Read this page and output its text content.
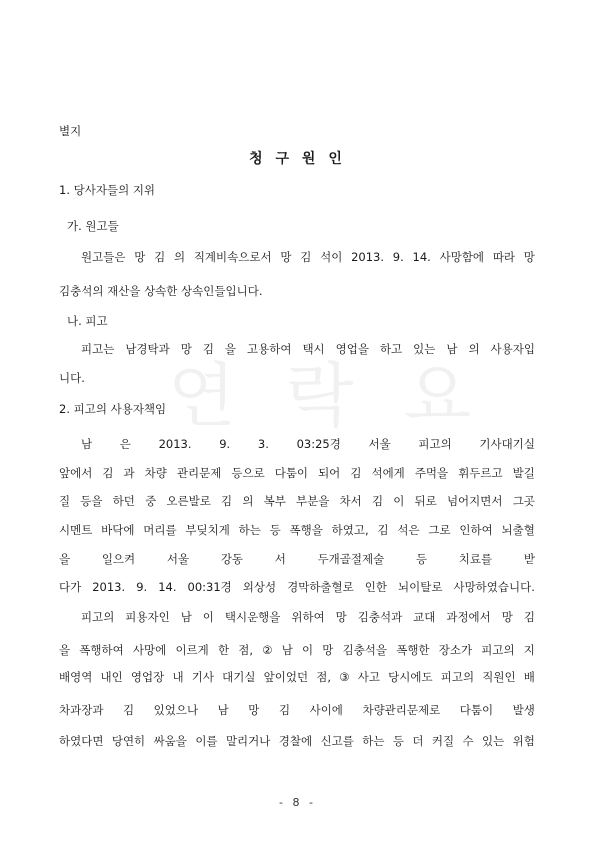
연 락 요
별지
청 구 원 인
1. 당사자들의 지위
가. 원고들
원고들은 망 김 의 직계비속으로서 망 김 석이 2013. 9. 14. 사망함에 따라 망
김충석의 재산을 상속한 상속인들입니다.
나. 피고
피고는 남경탁과 망 김 을 고용하여 택시 영업을 하고 있는 남 의 사용자입
니다.
2. 피고의 사용자책임
남 은 2013. 9. 3. 03:25경 서울 피고의 기사대기실
앞에서 김 과 차량 관리문제 등으로 다툼이 되어 김 석에게 주먹을 휘두르고 발길
질 등을 하던 중 오른발로 김 의 복부 부분을 차서 김 이 뒤로 넘어지면서 그곳
시멘트 바닥에 머리를 부딪치게 하는 등 폭행을 하였고, 김 석은 그로 인하여 뇌출혈
을	일으켜	서울	강동	서	두개골절제술	등	치료를	받
다가 2013. 9. 14. 00:31경 외상성 경막하출혈로 인한 뇌이탈로 사망하였습니다.
피고의 피용자인 남 이 택시운행을 위하여 망 김충석과 교대 과정에서 망 김
을 폭행하여 사망에 이르게 한 점, ② 남 이 망 김충석을 폭행한 장소가 피고의 지
배영역 내인 영업장 내 기사 대기실 앞이었던 점, ③ 사고 당시에도 피고의 직원인 배
차과장과 김 있었으나 남 망 김 사이에 차량관리문제로 다툼이 발생
하였다면 당연히 싸움을 이를 말리거나 경찰에 신고를 하는 등 더 커질 수 있는 위험
- 8 -
